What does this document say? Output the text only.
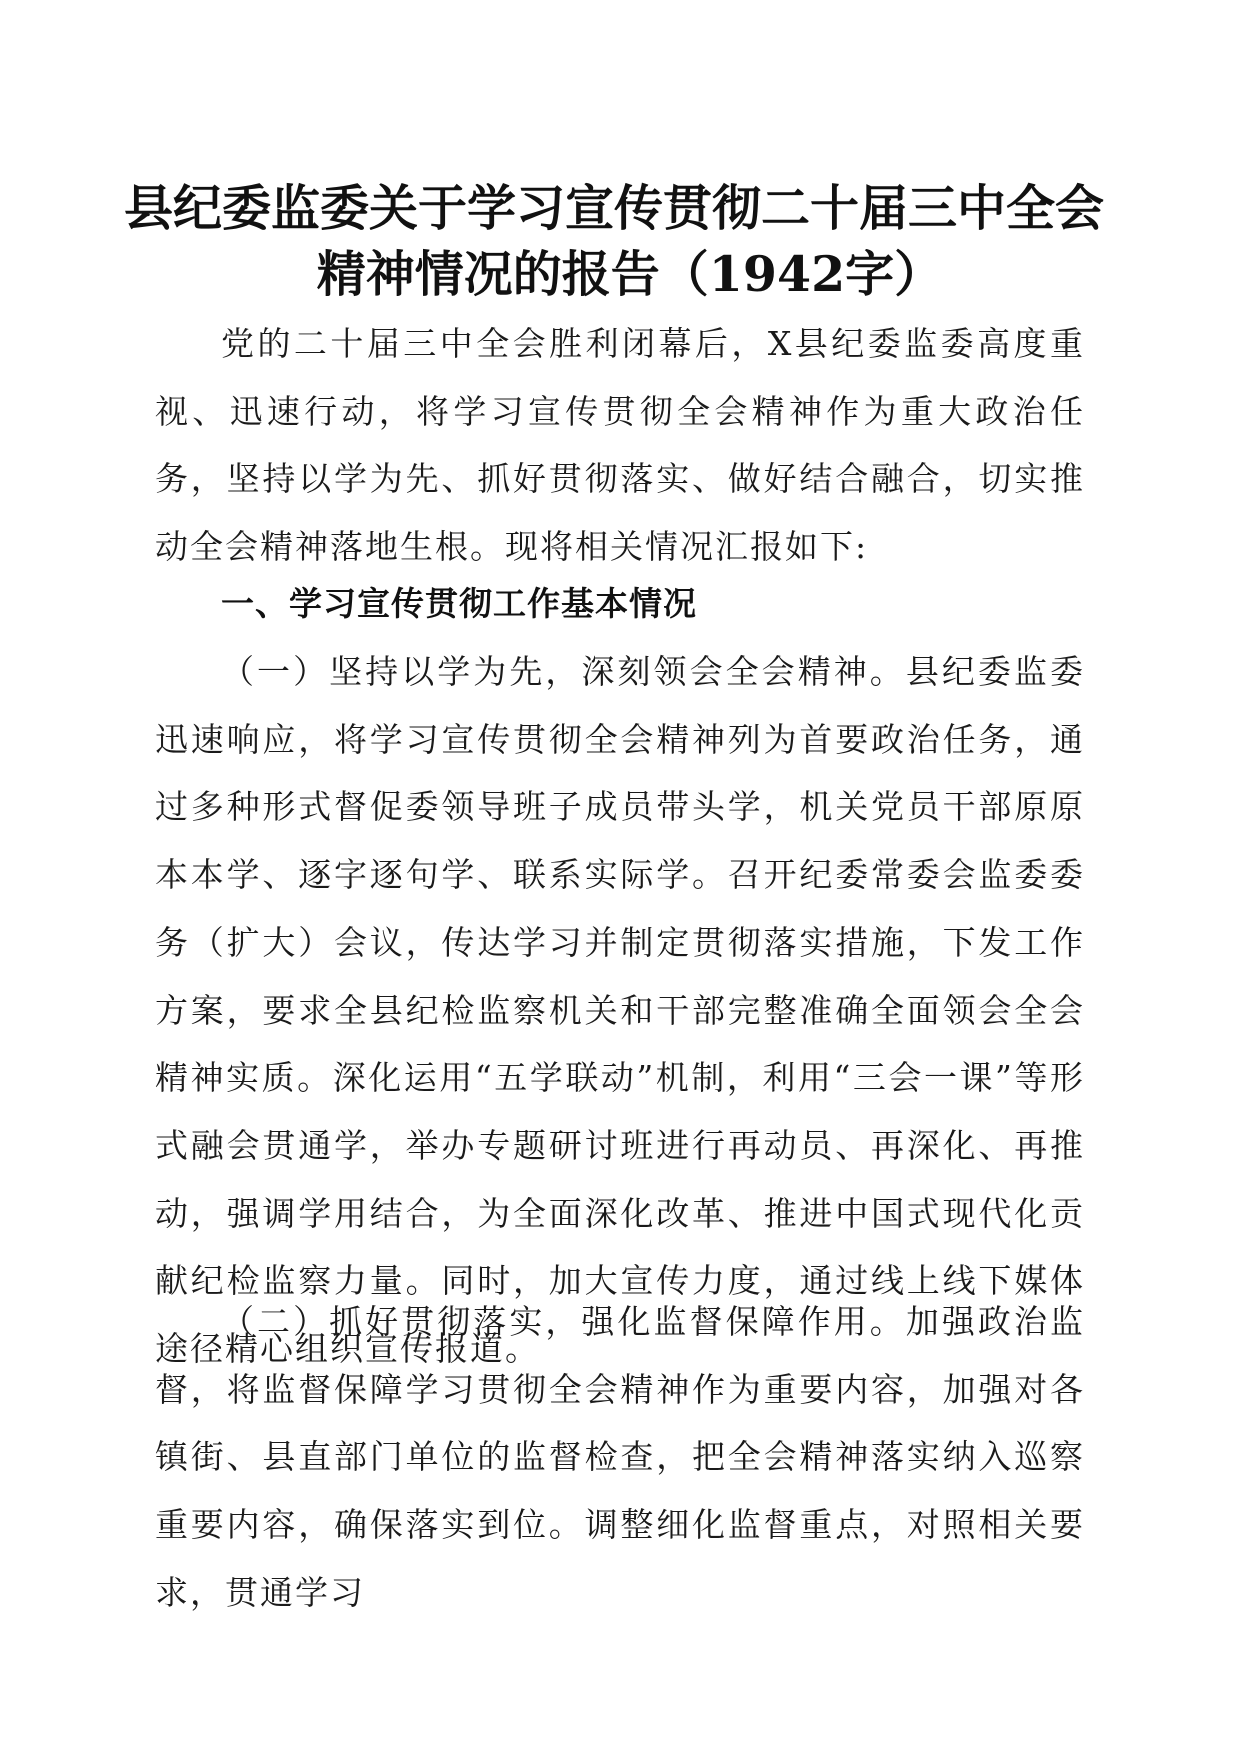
县纪委监委关于学习宣传贯彻二十届三中全会
精神情况的报告（1942字）
党的二十届三中全会胜利闭幕后，X县纪委监委高度重视、迅速行动，将学习宣传贯彻全会精神作为重大政治任务，坚持以学为先、抓好贯彻落实、做好结合融合，切实推动全会精神落地生根。现将相关情况汇报如下:
一、学习宣传贯彻工作基本情况
（一）坚持以学为先，深刻领会全会精神。县纪委监委迅速响应，将学习宣传贯彻全会精神列为首要政治任务，通过多种形式督促委领导班子成员带头学，机关党员干部原原本本学、逐字逐句学、联系实际学。召开纪委常委会监委委务（扩大）会议，传达学习并制定贯彻落实措施，下发工作方案，要求全县纪检监察机关和干部完整准确全面领会全会精神实质。深化运用“五学联动”机制，利用“三会一课”等形式融会贯通学，举办专题研讨班进行再动员、再深化、再推动，强调学用结合，为全面深化改革、推进中国式现代化贡献纪检监察力量。同时，加大宣传力度，通过线上线下媒体途径精心组织宣传报道。
（二）抓好贯彻落实，强化监督保障作用。加强政治监督，将监督保障学习贯彻全会精神作为重要内容，加强对各镇街、县直部门单位的监督检查，把全会精神落实纳入巡察重要内容，确保落实到位。调整细化监督重点，对照相关要求，贯通学习
